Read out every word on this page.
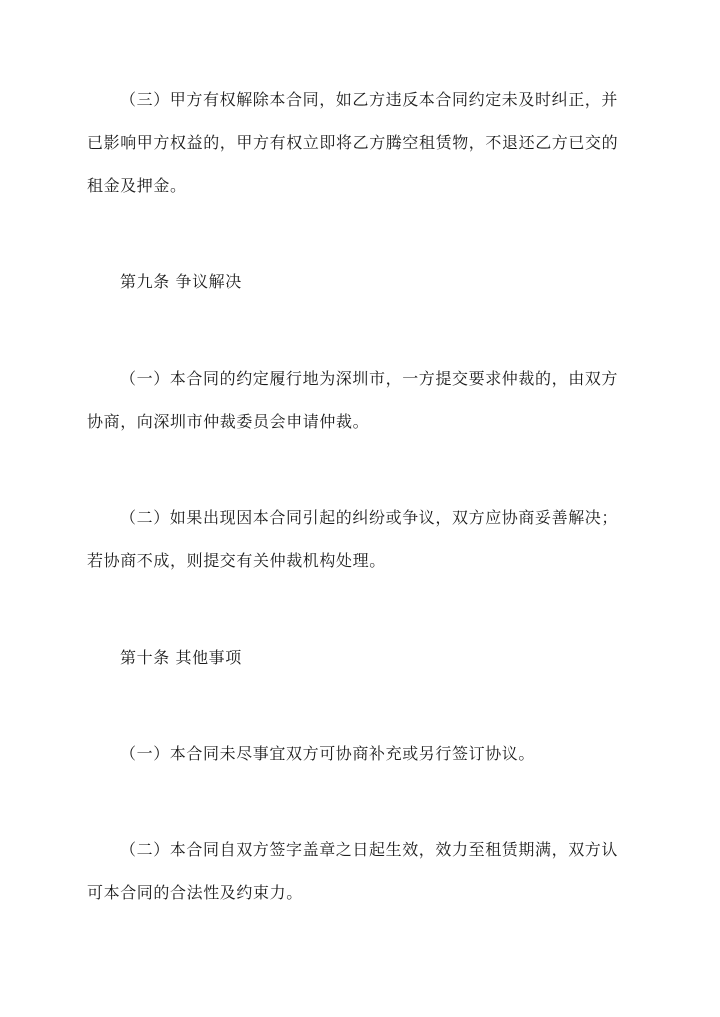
（三）甲方有权解除本合同，如乙方违反本合同约定未及时纠正，并
已影响甲方权益的，甲方有权立即将乙方腾空租赁物，不退还乙方已交的
租金及押金。
第九条 争议解决
（一）本合同的约定履行地为深圳市，一方提交要求仲裁的，由双方
协商，向深圳市仲裁委员会申请仲裁。
（二）如果出现因本合同引起的纠纷或争议，双方应协商妥善解决；
若协商不成，则提交有关仲裁机构处理。
第十条 其他事项
（一）本合同未尽事宜双方可协商补充或另行签订协议。
（二）本合同自双方签字盖章之日起生效，效力至租赁期满，双方认
可本合同的合法性及约束力。
